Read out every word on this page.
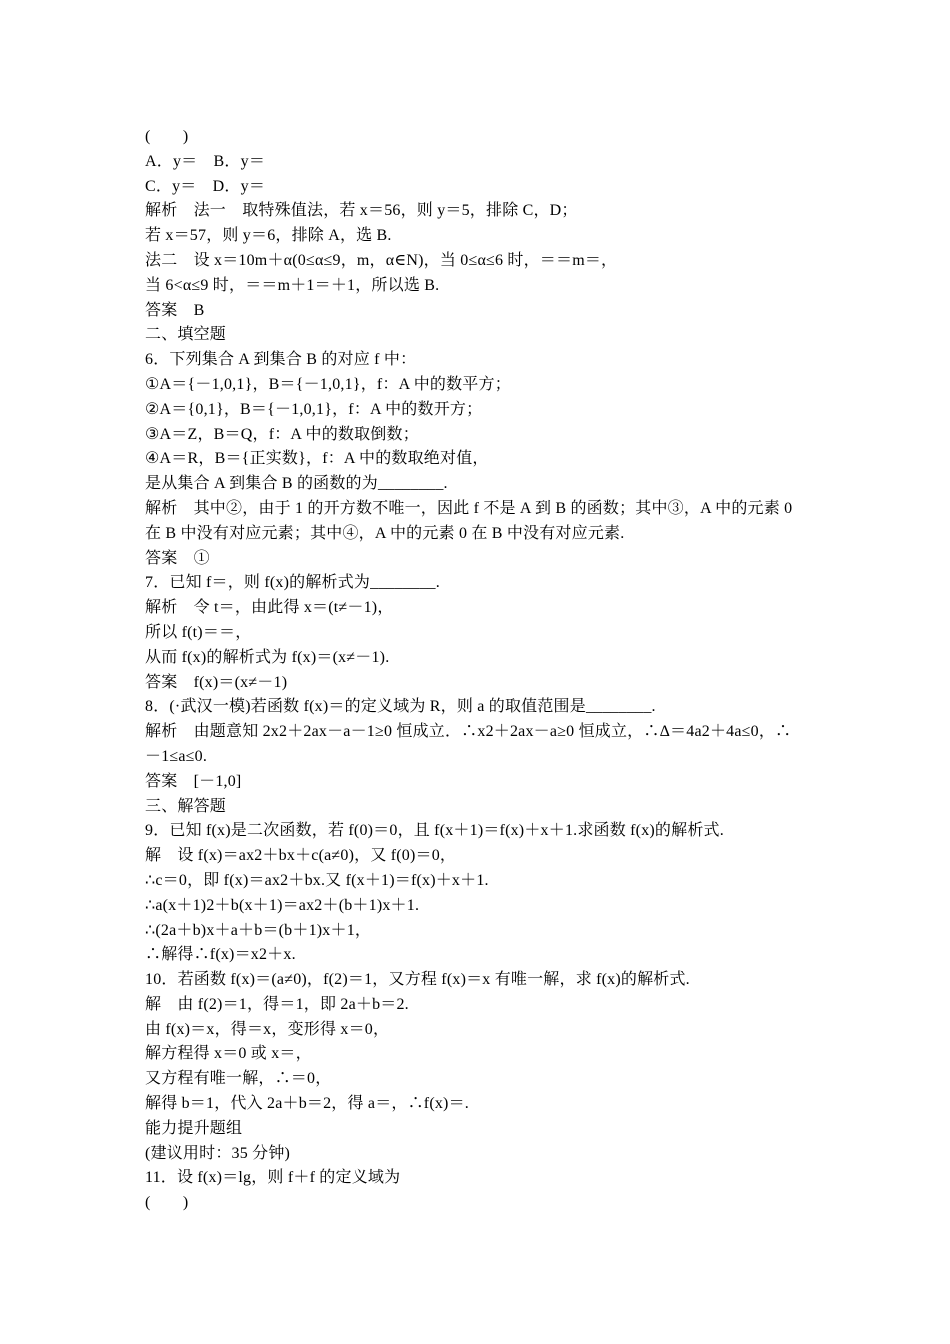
(　　)
A．y＝　B．y＝
C．y＝　D．y＝
解析　法一　取特殊值法，若 x＝56，则 y＝5，排除 C，D；
若 x＝57，则 y＝6，排除 A，选 B.
法二　设 x＝10m＋α(0≤α≤9，m，α∈N)，当 0≤α≤6 时，＝＝m＝，
当 6<α≤9 时，＝＝m＋1＝＋1，所以选 B.
答案　B
二、填空题
6．下列集合 A 到集合 B 的对应 f 中：
①A＝{－1,0,1}，B＝{－1,0,1}，f：A 中的数平方；
②A＝{0,1}，B＝{－1,0,1}，f：A 中的数开方；
③A＝Z，B＝Q，f：A 中的数取倒数；
④A＝R，B＝{正实数}，f：A 中的数取绝对值，
是从集合 A 到集合 B 的函数的为________.
解析　其中②，由于 1 的开方数不唯一，因此 f 不是 A 到 B 的函数；其中③，A 中的元素 0
在 B 中没有对应元素；其中④，A 中的元素 0 在 B 中没有对应元素.
答案　①
7．已知 f＝，则 f(x)的解析式为________.
解析　令 t＝，由此得 x＝(t≠－1)，
所以 f(t)＝＝，
从而 f(x)的解析式为 f(x)＝(x≠－1).
答案　f(x)＝(x≠－1)
8．(·武汉一模)若函数 f(x)＝的定义域为 R，则 a 的取值范围是________.
解析　由题意知 2x2＋2ax－a－1≥0 恒成立．∴x2＋2ax－a≥0 恒成立，∴Δ＝4a2＋4a≤0，∴
－1≤a≤0.
答案　[－1,0]
三、解答题
9．已知 f(x)是二次函数，若 f(0)＝0，且 f(x＋1)＝f(x)＋x＋1.求函数 f(x)的解析式.
解　设 f(x)＝ax2＋bx＋c(a≠0)，又 f(0)＝0，
∴c＝0，即 f(x)＝ax2＋bx.又 f(x＋1)＝f(x)＋x＋1.
∴a(x＋1)2＋b(x＋1)＝ax2＋(b＋1)x＋1.
∴(2a＋b)x＋a＋b＝(b＋1)x＋1，
∴解得∴f(x)＝x2＋x.
10．若函数 f(x)＝(a≠0)，f(2)＝1，又方程 f(x)＝x 有唯一解，求 f(x)的解析式.
解　由 f(2)＝1，得＝1，即 2a＋b＝2.
由 f(x)＝x，得＝x，变形得 x＝0，
解方程得 x＝0 或 x＝，
又方程有唯一解，∴＝0，
解得 b＝1，代入 2a＋b＝2，得 a＝，∴f(x)＝.
能力提升题组
(建议用时：35 分钟)
11．设 f(x)＝lg，则 f＋f 的定义域为
(　　)
